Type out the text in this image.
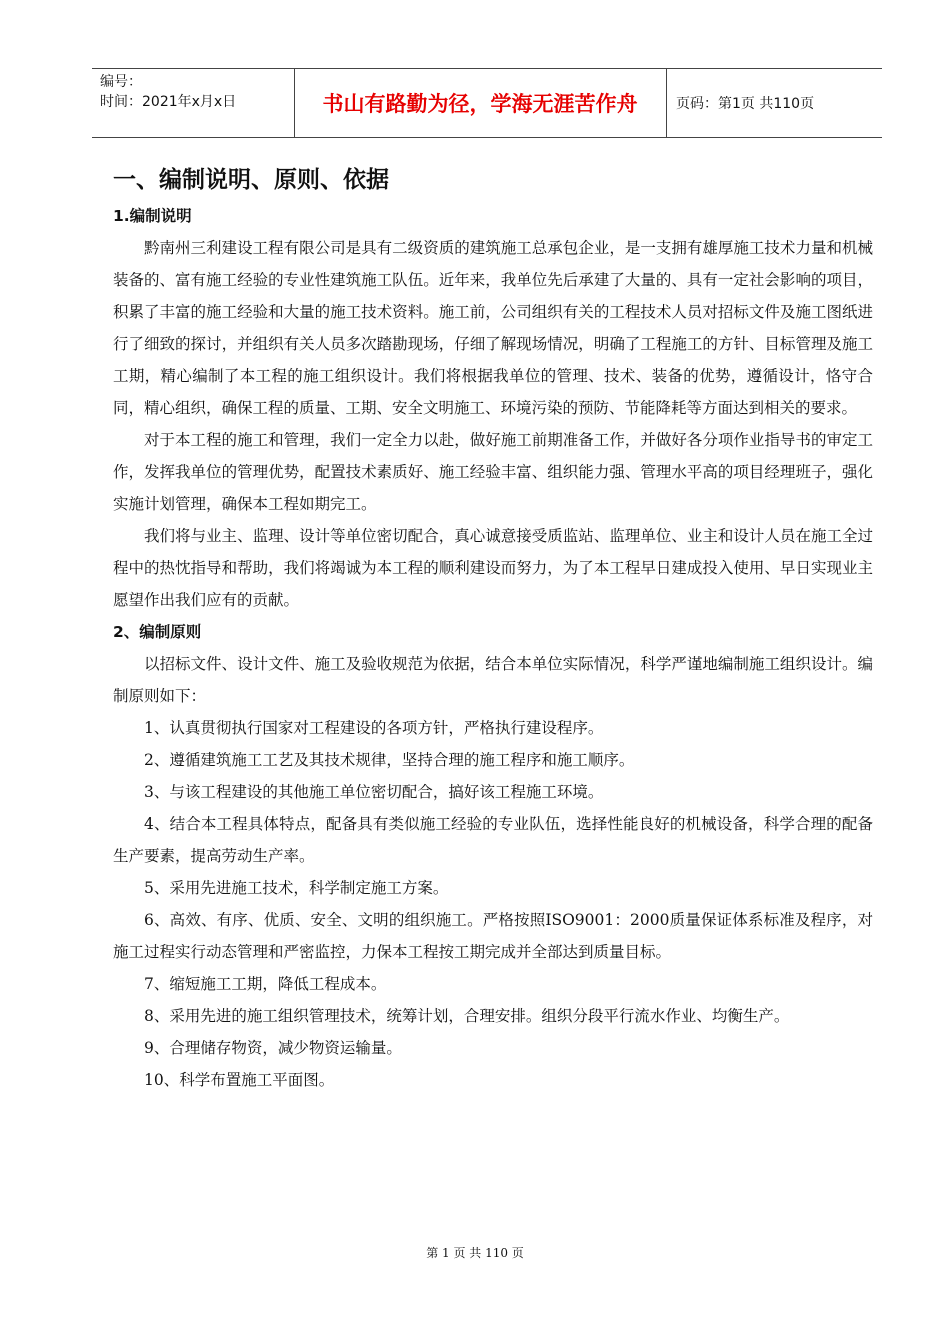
编号：
时间：2021年x月x日	书山有路勤为径，学海无涯苦作舟	页码：第1页 共110页
一、编制说明、原则、依据

1.编制说明

黔南州三利建设工程有限公司是具有二级资质的建筑施工总承包企业，是一支拥有雄厚施工技术力量和机械装备的、富有施工经验的专业性建筑施工队伍。近年来，我单位先后承建了大量的、具有一定社会影响的项目，积累了丰富的施工经验和大量的施工技术资料。施工前，公司组织有关的工程技术人员对招标文件及施工图纸进行了细致的探讨，并组织有关人员多次踏勘现场，仔细了解现场情况，明确了工程施工的方针、目标管理及施工工期，精心编制了本工程的施工组织设计。我们将根据我单位的管理、技术、装备的优势，遵循设计，恪守合同，精心组织，确保工程的质量、工期、安全文明施工、环境污染的预防、节能降耗等方面达到相关的要求。

对于本工程的施工和管理，我们一定全力以赴，做好施工前期准备工作，并做好各分项作业指导书的审定工作，发挥我单位的管理优势，配置技术素质好、施工经验丰富、组织能力强、管理水平高的项目经理班子，强化实施计划管理，确保本工程如期完工。

我们将与业主、监理、设计等单位密切配合，真心诚意接受质监站、监理单位、业主和设计人员在施工全过程中的热忱指导和帮助，我们将竭诚为本工程的顺利建设而努力，为了本工程早日建成投入使用、早日实现业主愿望作出我们应有的贡献。

2、编制原则

以招标文件、设计文件、施工及验收规范为依据，结合本单位实际情况，科学严谨地编制施工组织设计。编制原则如下：

1、认真贯彻执行国家对工程建设的各项方针，严格执行建设程序。

2、遵循建筑施工工艺及其技术规律，坚持合理的施工程序和施工顺序。

3、与该工程建设的其他施工单位密切配合，搞好该工程施工环境。

4、结合本工程具体特点，配备具有类似施工经验的专业队伍，选择性能良好的机械设备，科学合理的配备生产要素，提高劳动生产率。

5、采用先进施工技术，科学制定施工方案。

6、高效、有序、优质、安全、文明的组织施工。严格按照ISO9001：2000质量保证体系标准及程序，对施工过程实行动态管理和严密监控，力保本工程按工期完成并全部达到质量目标。

7、缩短施工工期，降低工程成本。

8、采用先进的施工组织管理技术，统筹计划，合理安排。组织分段平行流水作业、均衡生产。

9、合理储存物资，减少物资运输量。

10、科学布置施工平面图。

第 1 页 共 110 页
